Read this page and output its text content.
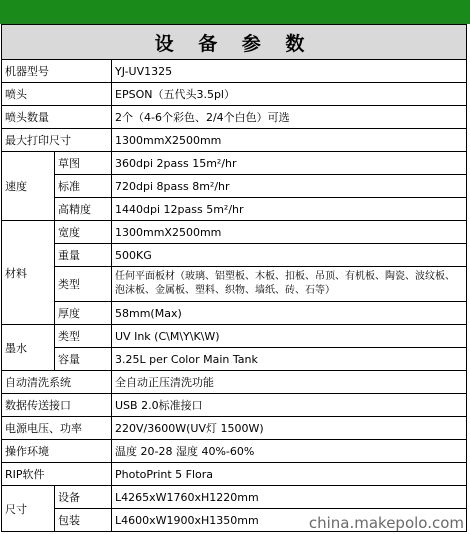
设 备 参 数		
机器型号		YJ-UV1325
喷头		EPSON（五代头3.5pl）
喷头数量		2个（4-6个彩色、2/4个白色）可选
最大打印尺寸		1300mmX2500mm
速度	草图	360dpi 2pass 15m²/hr
	标准	720dpi 8pass 8m²/hr
	高精度	1440dpi 12pass 5m²/hr
材料	宽度	1300mmX2500mm
	重量	500KG
	类型	任何平面板材（玻璃、铝塑板、木板、扣板、吊顶、有机板、陶瓷、波纹板、泡沫板、金属板、塑料、织物、墙纸、砖、石等）
	厚度	58mm(Max)
墨水	类型	UV Ink (C\M\Y\K\W)
	容量	3.25L per Color Main Tank
自动清洗系统		全自动正压清洗功能
数据传送接口		USB 2.0标准接口
电源电压、功率		220V/3600W(UV灯 1500W)
操作环境		温度 20-28 湿度 40%-60%
RIP软件		PhotoPrint 5 Flora
尺寸	设备	L4265xW1760xH1220mm
	包装	L4600xW1900xH1350mm	china.makepolo.com
